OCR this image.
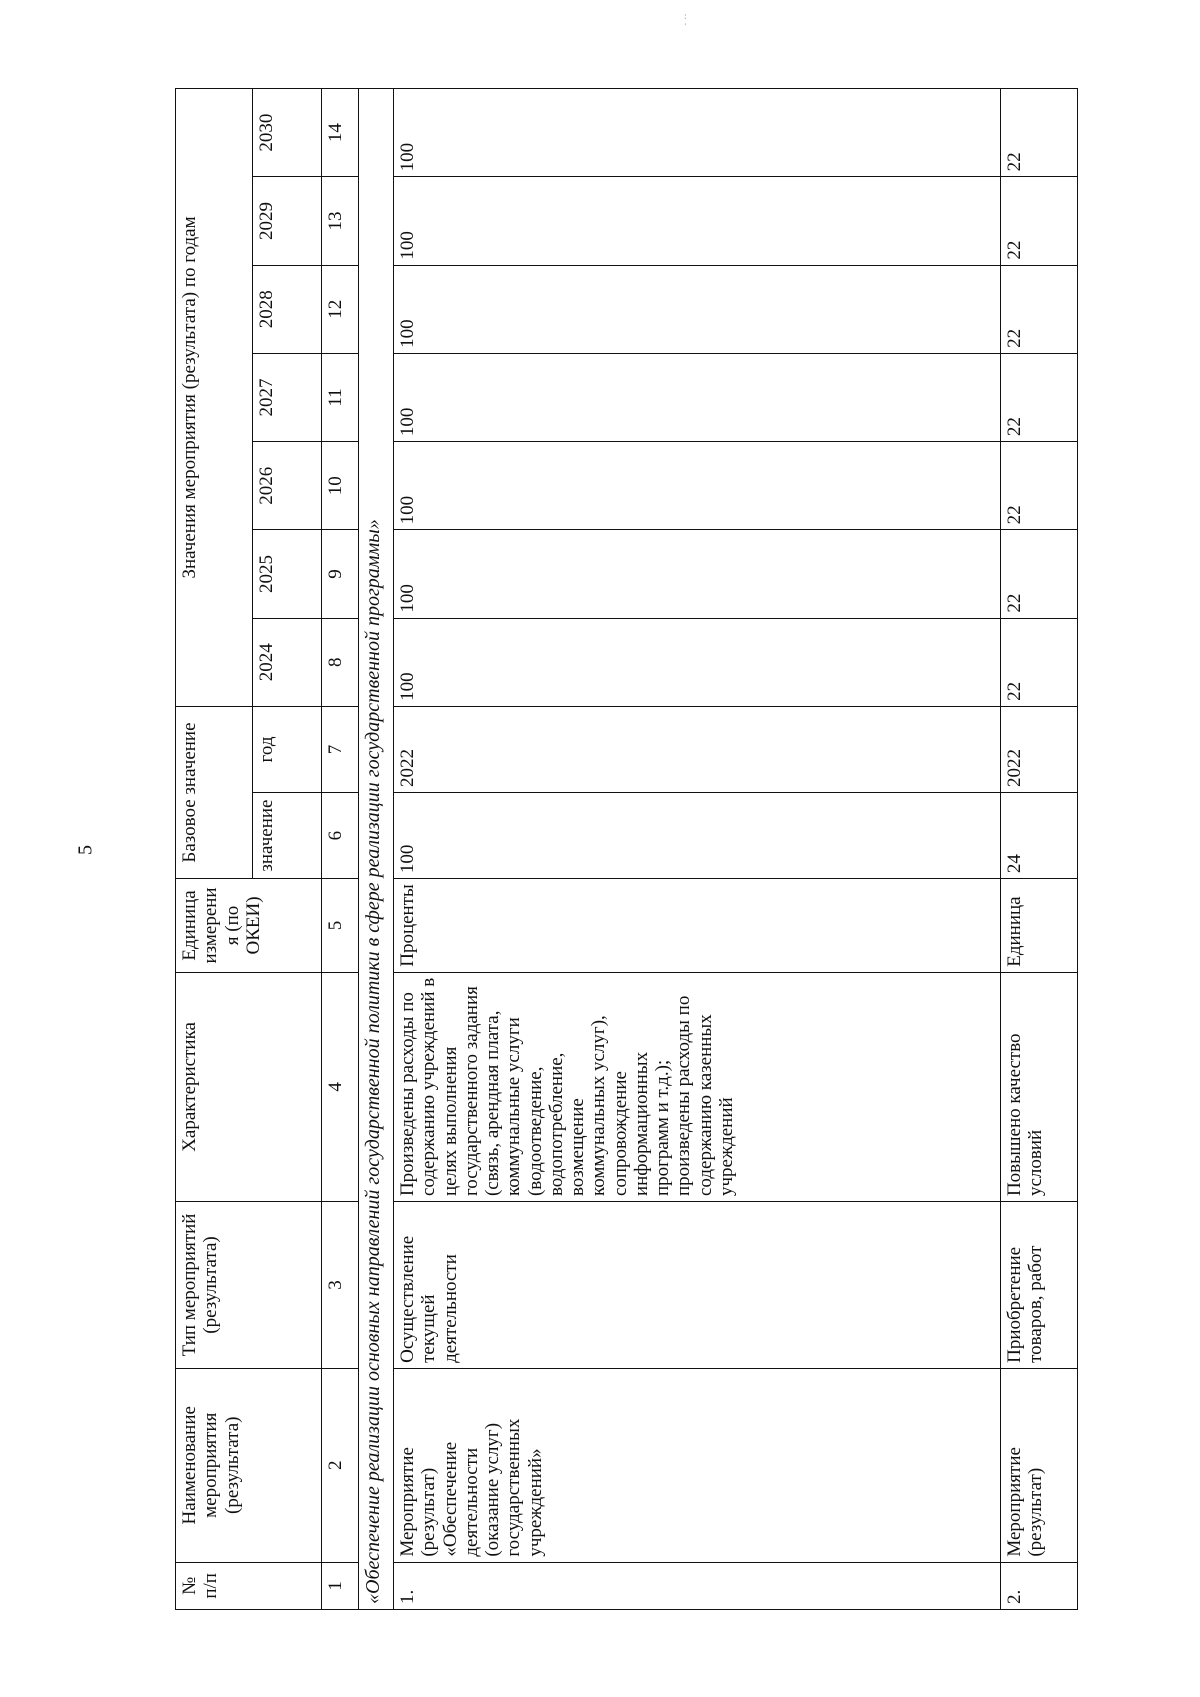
5
· ··
№ п/п	Наименование мероприятия (результата)	Тип мероприятий (результата)	Характеристика	Единица измерения (по ОКЕИ)	Базовое значение		Значения мероприятия (результата) по годам						
					значение	год	2024	2025	2026	2027	2028	2029	2030
1	2	3	4	5	6	7	8	9	10	11	12	13	14
«Обеспечение реализации основных направлений государственной политики в сфере реализации государственной программы»													
1.	Мероприятие (результат) «Обеспечение деятельности (оказание услуг) государственных учреждений»	Осуществление текущей деятельности	Произведены расходы по содержанию учреждений в целях выполнения государственного задания (связь, арендная плата, коммунальные услуги (водоотведение, водопотребление, возмещение коммунальных услуг), сопровождение информационных программ и т.д.); произведены расходы по содержанию казенных учреждений	Проценты	100	2022	100	100	100	100	100	100	100
2.	Мероприятие (результат)	Приобретение товаров, работ	Повышено качество условий	Единица	24	2022	22	22	22	22	22	22	22
